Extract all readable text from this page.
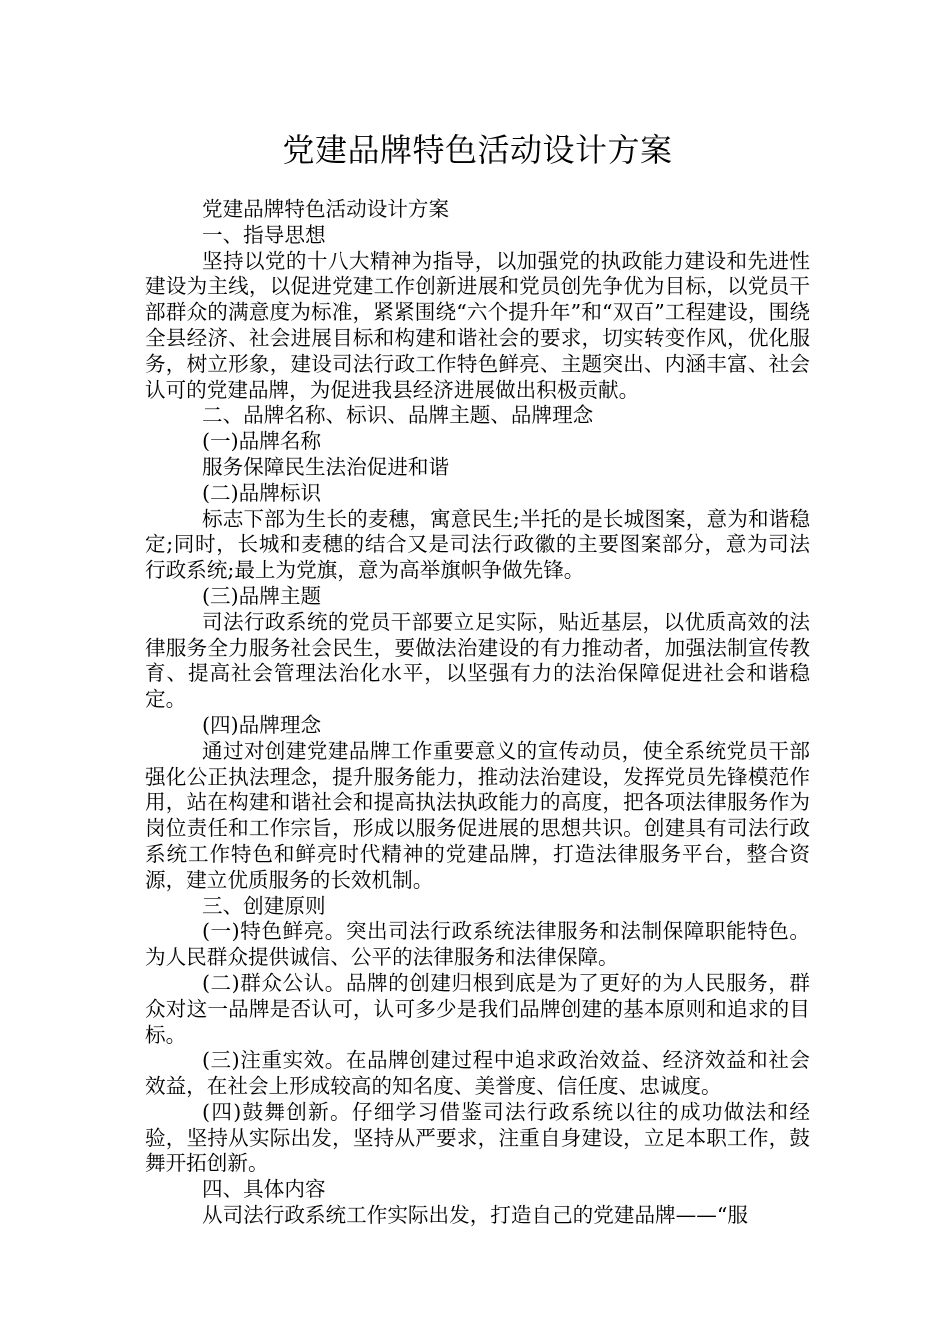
党建品牌特色活动设计方案

党建品牌特色活动设计方案

一、指导思想

坚持以党的十八大精神为指导，以加强党的执政能力建设和先进性建设为主线，以促进党建工作创新进展和党员创先争优为目标，以党员干部群众的满意度为标准，紧紧围绕“六个提升年”和“双百”工程建设，围绕全县经济、社会进展目标和构建和谐社会的要求，切实转变作风，优化服务，树立形象，建设司法行政工作特色鲜亮、主题突出、内涵丰富、社会认可的党建品牌，为促进我县经济进展做出积极贡献。

二、品牌名称、标识、品牌主题、品牌理念

(一)品牌名称

服务保障民生法治促进和谐

(二)品牌标识

标志下部为生长的麦穗，寓意民生;半托的是长城图案，意为和谐稳定;同时，长城和麦穗的结合又是司法行政徽的主要图案部分，意为司法行政系统;最上为党旗，意为高举旗帜争做先锋。

(三)品牌主题

司法行政系统的党员干部要立足实际，贴近基层，以优质高效的法律服务全力服务社会民生，要做法治建设的有力推动者，加强法制宣传教育、提高社会管理法治化水平，以坚强有力的法治保障促进社会和谐稳定。

(四)品牌理念

通过对创建党建品牌工作重要意义的宣传动员，使全系统党员干部强化公正执法理念，提升服务能力，推动法治建设，发挥党员先锋模范作用，站在构建和谐社会和提高执法执政能力的高度，把各项法律服务作为岗位责任和工作宗旨，形成以服务促进展的思想共识。创建具有司法行政系统工作特色和鲜亮时代精神的党建品牌，打造法律服务平台，整合资源，建立优质服务的长效机制。

三、创建原则

(一)特色鲜亮。突出司法行政系统法律服务和法制保障职能特色。为人民群众提供诚信、公平的法律服务和法律保障。

(二)群众公认。品牌的创建归根到底是为了更好的为人民服务，群众对这一品牌是否认可，认可多少是我们品牌创建的基本原则和追求的目标。

(三)注重实效。在品牌创建过程中追求政治效益、经济效益和社会效益，在社会上形成较高的知名度、美誉度、信任度、忠诚度。

(四)鼓舞创新。仔细学习借鉴司法行政系统以往的成功做法和经验，坚持从实际出发，坚持从严要求，注重自身建设，立足本职工作，鼓舞开拓创新。

四、具体内容

从司法行政系统工作实际出发，打造自己的党建品牌——“服
